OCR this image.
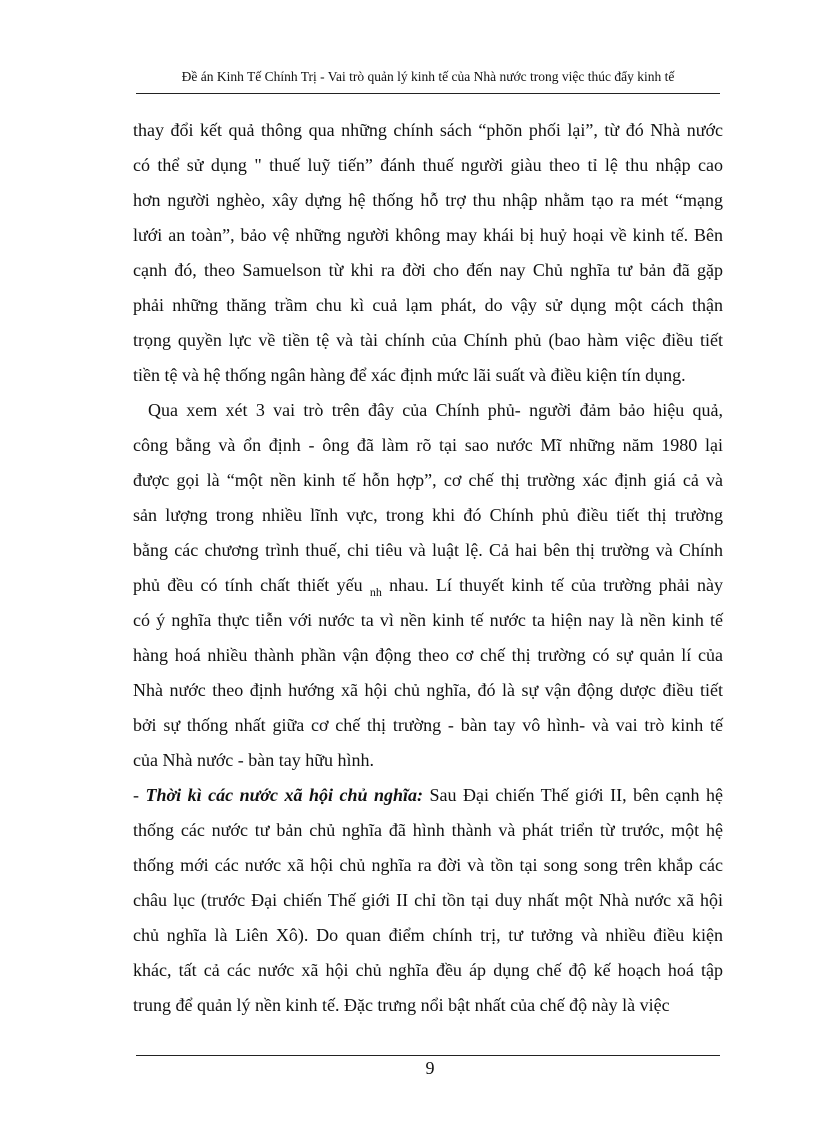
Đề án Kinh Tế Chính Trị - Vai trò quản lý kinh tế của Nhà nước trong việc thúc đẩy kinh tế
thay đổi kết quả thông qua những chính sách “phõn phối lại”, từ đó Nhà nước
có thể sử dụng " thuế luỹ tiến” đánh thuế người giàu theo tỉ lệ thu nhập cao
hơn người nghèo, xây dựng hệ thống hỗ trợ thu nhập nhằm tạo ra mét “mạng
lưới an toàn”, bảo vệ những người không may khái bị huỷ hoại về kinh tế. Bên
cạnh đó, theo Samuelson từ khi ra đời cho đến nay Chủ nghĩa tư bản đã gặp
phải những thăng trầm chu kì cuả lạm phát, do vậy sử dụng một cách thận
trọng quyền lực về tiền tệ và tài chính của Chính phủ (bao hàm việc điều tiết
tiền tệ và hệ thống ngân hàng để xác định mức lãi suất và điều kiện tín dụng.
Qua xem xét 3 vai trò trên đây của Chính phủ- người đảm bảo hiệu quả,
công bằng và ổn định - ông đã làm rõ tại sao nước Mĩ những năm 1980 lại
được gọi là “một nền kinh tế hỗn hợp”, cơ chế thị trường xác định giá cả và
sản lượng trong nhiều lĩnh vực, trong khi đó Chính phủ điều tiết thị trường
bằng các chương trình thuế, chi tiêu và luật lệ. Cả hai bên thị trường và Chính
phủ đều có tính chất thiết yếu $_{nh}$ nhau. Lí thuyết kinh tế của trường phải này
có ý nghĩa thực tiễn với nước ta vì nền kinh tế nước ta hiện nay là nền kinh tế
hàng hoá nhiều thành phần vận động theo cơ chế thị trường có sự quản lí của
Nhà nước theo định hướng xã hội chủ nghĩa, đó là sự vận động dược điều tiết
bởi sự thống nhất giữa cơ chế thị trường - bàn tay vô hình- và vai trò kinh tế
của Nhà nước - bàn tay hữu hình.
- Thời kì các nước xã hội chủ nghĩa: Sau Đại chiến Thế giới II, bên cạnh hệ
thống các nước tư bản chủ nghĩa đã hình thành và phát triển từ trước, một hệ
thống mới các nước xã hội chủ nghĩa ra đời và tồn tại song song trên khắp các
châu lục (trước Đại chiến Thế giới II chỉ tồn tại duy nhất một Nhà nước xã hội
chủ nghĩa là Liên Xô). Do quan điểm chính trị, tư tưởng và nhiều điều kiện
khác, tất cả các nước xã hội chủ nghĩa đều áp dụng chế độ kế hoạch hoá tập
trung để quản lý nền kinh tế. Đặc trưng nổi bật nhất của chế độ này là việc
9
